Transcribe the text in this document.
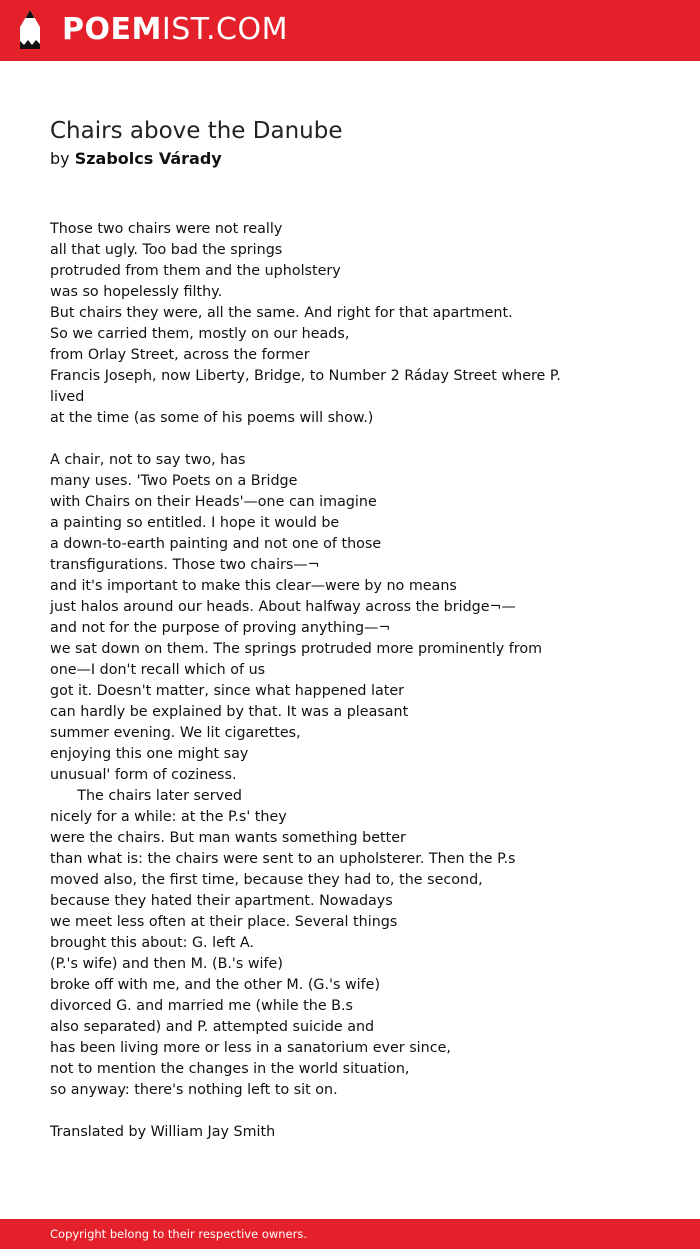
POEMIST.COM
Chairs above the Danube
by Szabolcs Várady
Those two chairs were not really
all that ugly. Too bad the springs
protruded from them and the upholstery
was so hopelessly filthy.
But chairs they were, all the same. And right for that apartment.
So we carried them, mostly on our heads,
from Orlay Street, across the former
Francis Joseph, now Liberty, Bridge, to Number 2 Ráday Street where P.
lived
at the time (as some of his poems will show.)
A chair, not to say two, has
many uses. 'Two Poets on a Bridge
with Chairs on their Heads'—one can imagine
a painting so entitled. I hope it would be
a down-to-earth painting and not one of those
transfigurations. Those two chairs—¬
and it's important to make this clear—were by no means
just halos around our heads. About halfway across the bridge¬—
and not for the purpose of proving anything—¬
we sat down on them. The springs protruded more prominently from
one—I don't recall which of us
got it. Doesn't matter, since what happened later
can hardly be explained by that. It was a pleasant
summer evening. We lit cigarettes,
enjoying this one might say
unusual' form of coziness.
The chairs later served
nicely for a while: at the P.s' they
were the chairs. But man wants something better
than what is: the chairs were sent to an upholsterer. Then the P.s
moved also, the first time, because they had to, the second,
because they hated their apartment. Nowadays
we meet less often at their place. Several things
brought this about: G. left A.
(P.'s wife) and then M. (B.'s wife)
broke off with me, and the other M. (G.'s wife)
divorced G. and married me (while the B.s
also separated) and P. attempted suicide and
has been living more or less in a sanatorium ever since,
not to mention the changes in the world situation,
so anyway: there's nothing left to sit on.
Translated by William Jay Smith
Copyright belong to their respective owners.
